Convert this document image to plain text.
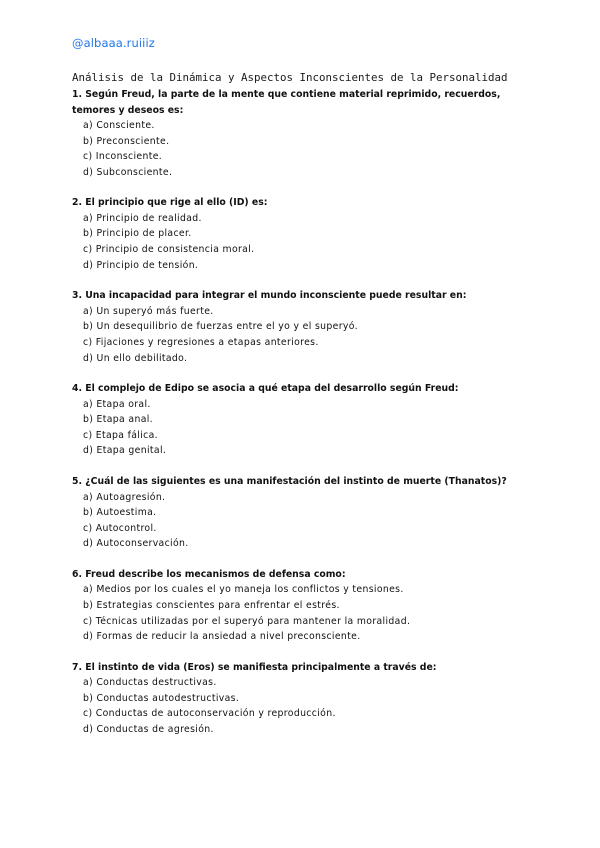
@albaaa.ruiiiz
Análisis de la Dinámica y Aspectos Inconscientes de la Personalidad
1. Según Freud, la parte de la mente que contiene material reprimido, recuerdos, temores y deseos es:
a) Consciente.
b) Preconsciente.
c) Inconsciente.
d) Subconsciente.
2. El principio que rige al ello (ID) es:
a) Principio de realidad.
b) Principio de placer.
c) Principio de consistencia moral.
d) Principio de tensión.
3. Una incapacidad para integrar el mundo inconsciente puede resultar en:
a) Un superyó más fuerte.
b) Un desequilibrio de fuerzas entre el yo y el superyó.
c) Fijaciones y regresiones a etapas anteriores.
d) Un ello debilitado.
4. El complejo de Edipo se asocia a qué etapa del desarrollo según Freud:
a) Etapa oral.
b) Etapa anal.
c) Etapa fálica.
d) Etapa genital.
5. ¿Cuál de las siguientes es una manifestación del instinto de muerte (Thanatos)?
a) Autoagresión.
b) Autoestima.
c) Autocontrol.
d) Autoconservación.
6. Freud describe los mecanismos de defensa como:
a) Medios por los cuales el yo maneja los conflictos y tensiones.
b) Estrategias conscientes para enfrentar el estrés.
c) Técnicas utilizadas por el superyó para mantener la moralidad.
d) Formas de reducir la ansiedad a nivel preconsciente.
7. El instinto de vida (Eros) se manifiesta principalmente a través de:
a) Conductas destructivas.
b) Conductas autodestructivas.
c) Conductas de autoconservación y reproducción.
d) Conductas de agresión.
